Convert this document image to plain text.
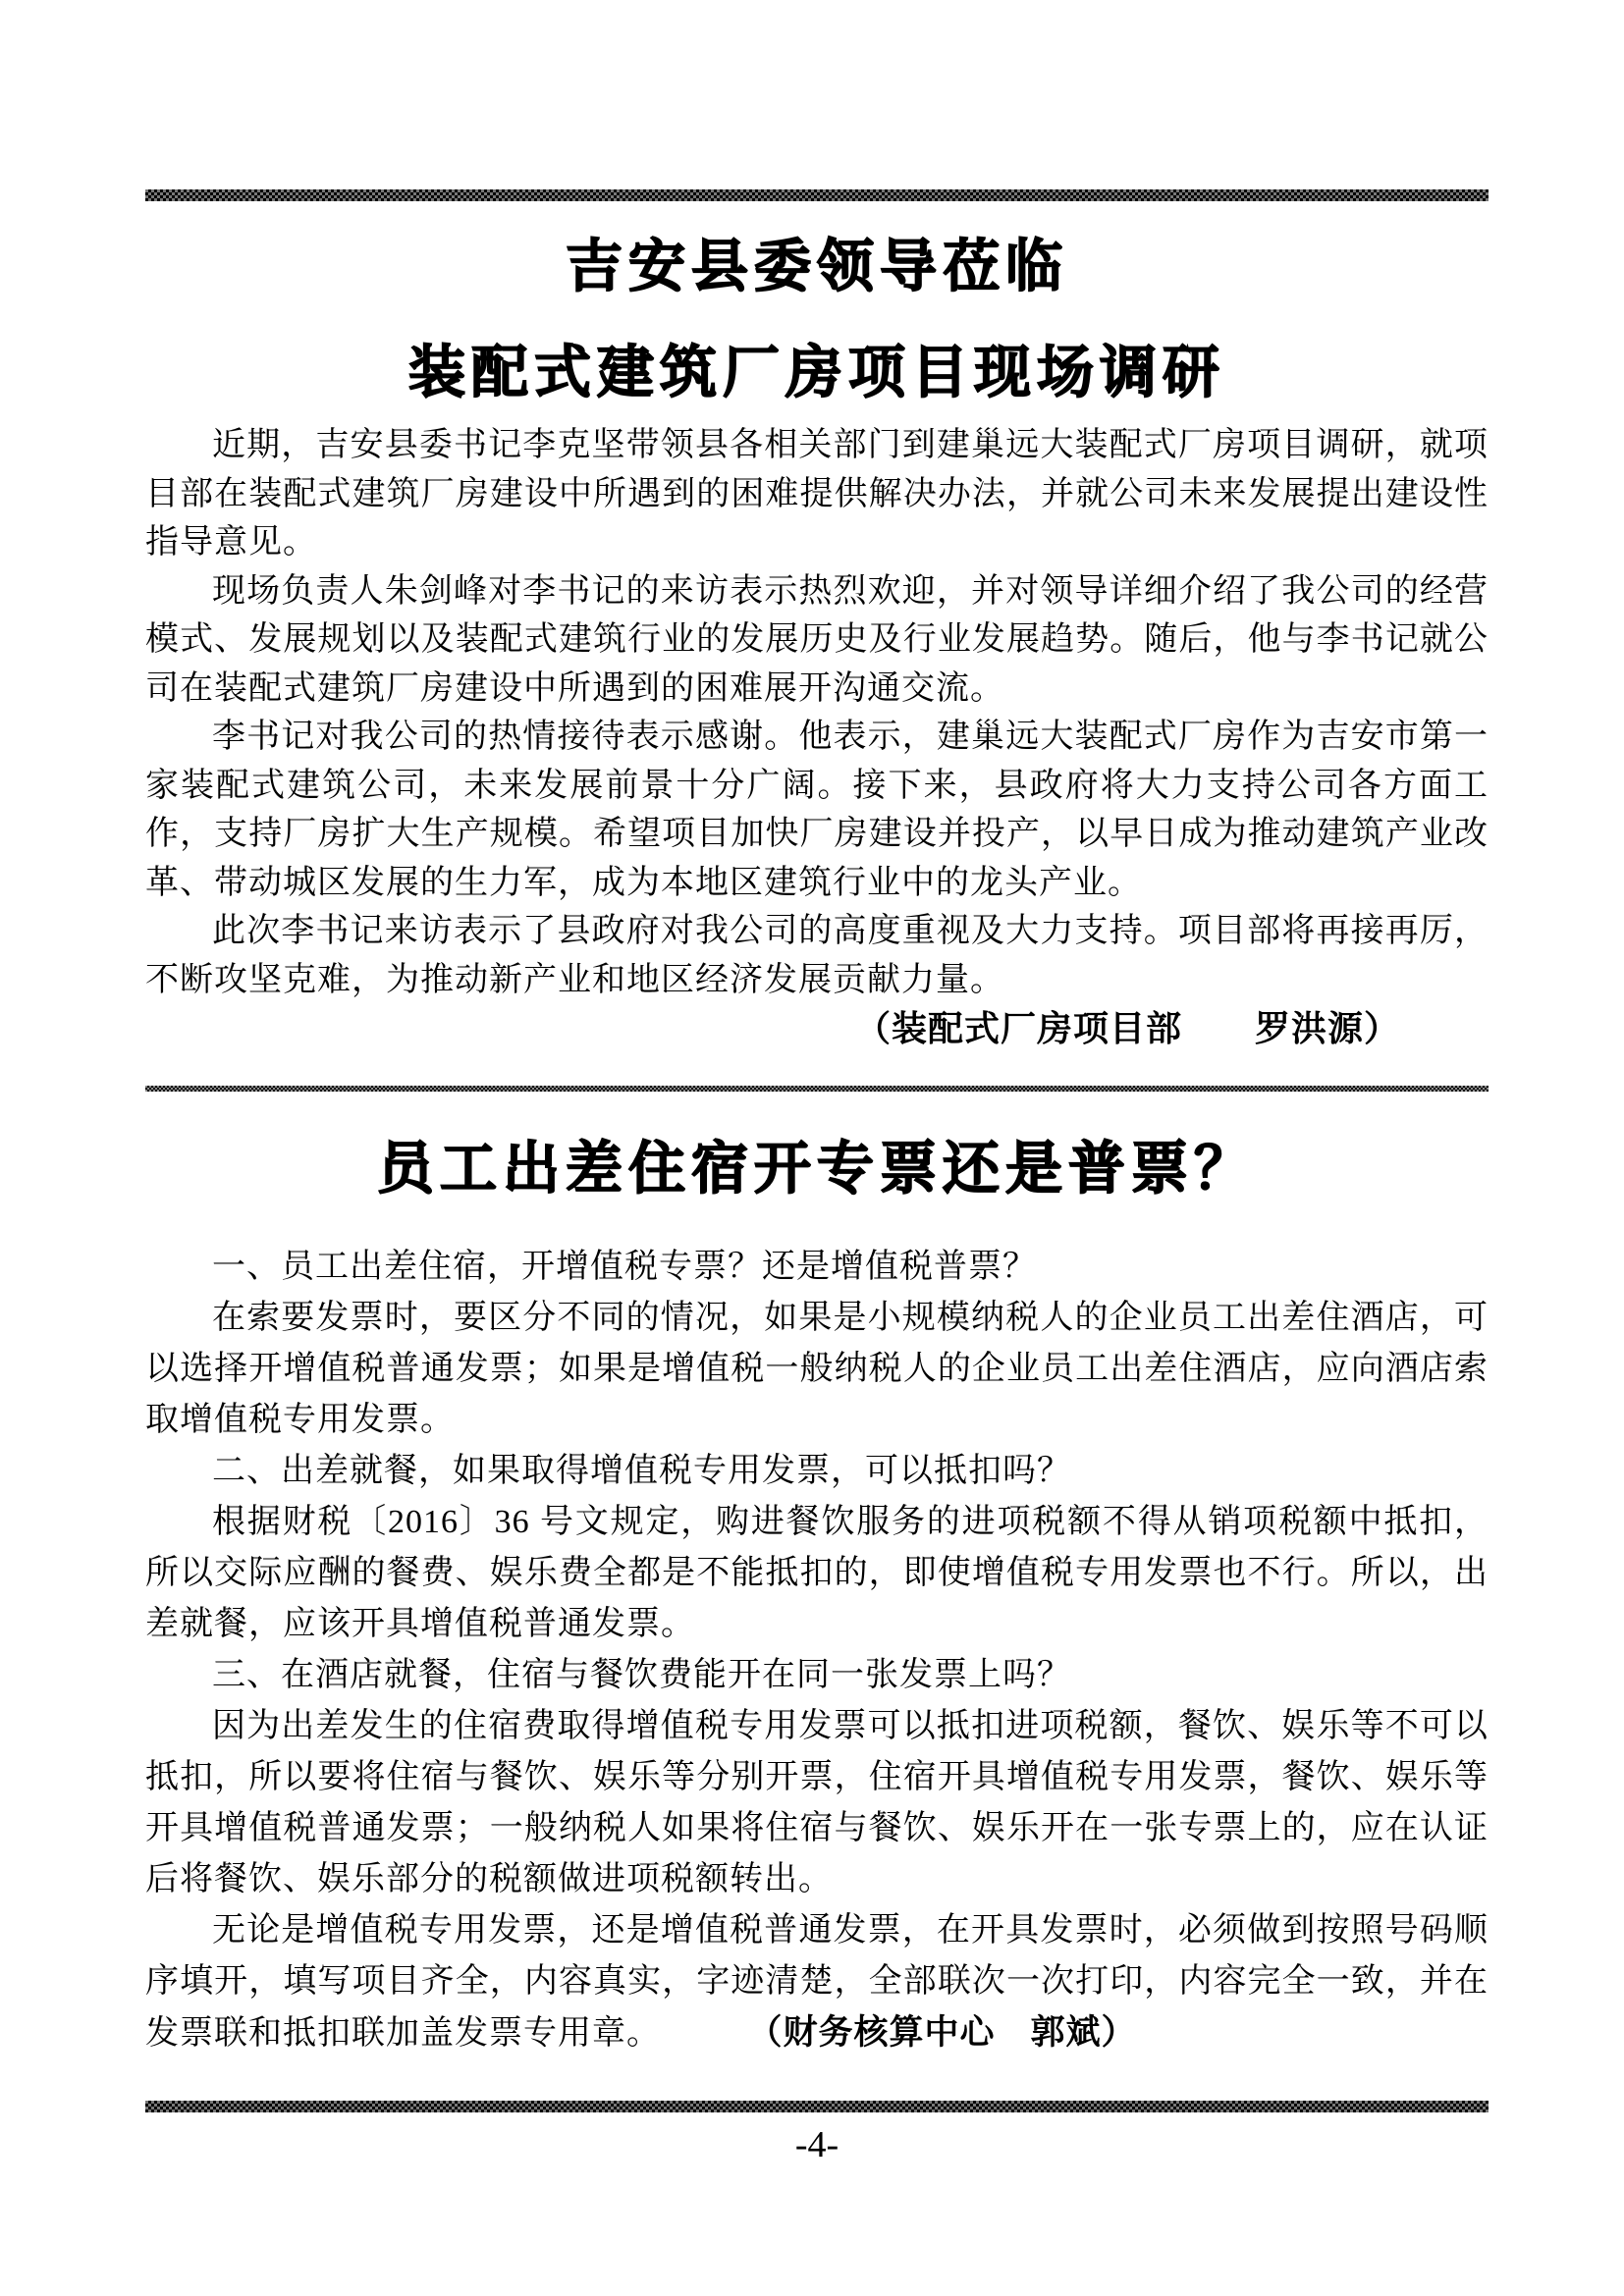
吉安县委领导莅临
装配式建筑厂房项目现场调研

近期，吉安县委书记李克坚带领县各相关部门到建巢远大装配式厂房项目调研，就项目部在装配式建筑厂房建设中所遇到的困难提供解决办法，并就公司未来发展提出建设性指导意见。

现场负责人朱剑峰对李书记的来访表示热烈欢迎，并对领导详细介绍了我公司的经营模式、发展规划以及装配式建筑行业的发展历史及行业发展趋势。随后，他与李书记就公司在装配式建筑厂房建设中所遇到的困难展开沟通交流。

李书记对我公司的热情接待表示感谢。他表示，建巢远大装配式厂房作为吉安市第一家装配式建筑公司，未来发展前景十分广阔。接下来，县政府将大力支持公司各方面工作，支持厂房扩大生产规模。希望项目加快厂房建设并投产，以早日成为推动建筑产业改革、带动城区发展的生力军，成为本地区建筑行业中的龙头产业。

此次李书记来访表示了县政府对我公司的高度重视及大力支持。项目部将再接再厉，不断攻坚克难，为推动新产业和地区经济发展贡献力量。

（装配式厂房项目部　　罗洪源）

员工出差住宿开专票还是普票？

一、员工出差住宿，开增值税专票？还是增值税普票？

在索要发票时，要区分不同的情况，如果是小规模纳税人的企业员工出差住酒店，可以选择开增值税普通发票；如果是增值税一般纳税人的企业员工出差住酒店，应向酒店索取增值税专用发票。

二、出差就餐，如果取得增值税专用发票，可以抵扣吗？

根据财税〔2016〕36 号文规定，购进餐饮服务的进项税额不得从销项税额中抵扣，所以交际应酬的餐费、娱乐费全都是不能抵扣的，即使增值税专用发票也不行。所以，出差就餐，应该开具增值税普通发票。

三、在酒店就餐，住宿与餐饮费能开在同一张发票上吗？

因为出差发生的住宿费取得增值税专用发票可以抵扣进项税额，餐饮、娱乐等不可以抵扣，所以要将住宿与餐饮、娱乐等分别开票，住宿开具增值税专用发票，餐饮、娱乐等开具增值税普通发票；一般纳税人如果将住宿与餐饮、娱乐开在一张专票上的，应在认证后将餐饮、娱乐部分的税额做进项税额转出。

无论是增值税专用发票，还是增值税普通发票，在开具发票时，必须做到按照号码顺序填开，填写项目齐全，内容真实，字迹清楚，全部联次一次打印，内容完全一致，并在发票联和抵扣联加盖发票专用章。	（财务核算中心　郭斌）

-4-
